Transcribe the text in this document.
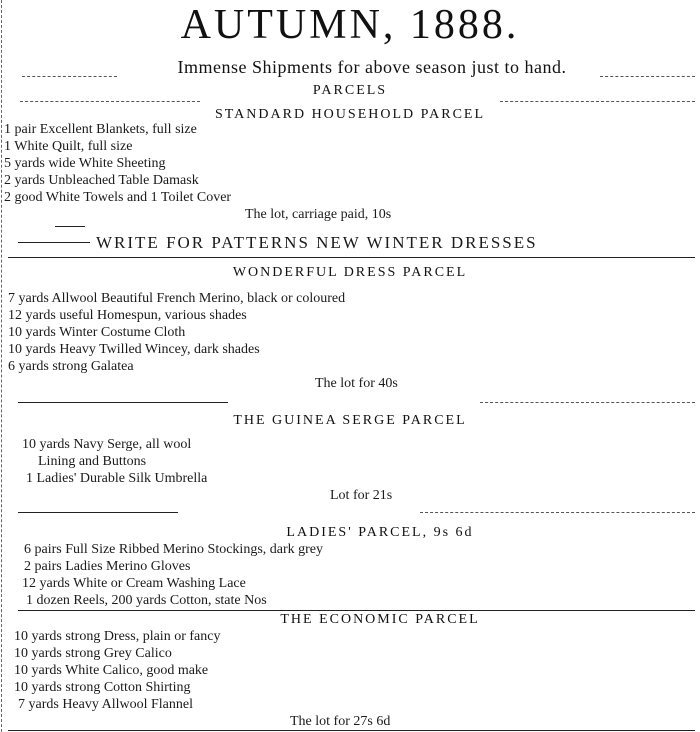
AUTUMN, 1888.
Immense Shipments for above season just to hand.
PARCELS
STANDARD HOUSEHOLD PARCEL
1 pair Excellent Blankets, full size
1 White Quilt, full size
5 yards wide White Sheeting
2 yards Unbleached Table Damask
2 good White Towels and 1 Toilet Cover
The lot, carriage paid, 10s
WRITE FOR PATTERNS NEW WINTER DRESSES
WONDERFUL DRESS PARCEL
7 yards Allwool Beautiful French Merino, black or coloured
12 yards useful Homespun, various shades
10 yards Winter Costume Cloth
10 yards Heavy Twilled Wincey, dark shades
6 yards strong Galatea
The lot for 40s
THE GUINEA SERGE PARCEL
10 yards Navy Serge, all wool
Lining and Buttons
1 Ladies' Durable Silk Umbrella
Lot for 21s
LADIES' PARCEL, 9s 6d
6 pairs Full Size Ribbed Merino Stockings, dark grey
2 pairs Ladies Merino Gloves
12 yards White or Cream Washing Lace
1 dozen Reels, 200 yards Cotton, state Nos
THE ECONOMIC PARCEL
10 yards strong Dress, plain or fancy
10 yards strong Grey Calico
10 yards White Calico, good make
10 yards strong Cotton Shirting
7 yards Heavy Allwool Flannel
The lot for 27s 6d
